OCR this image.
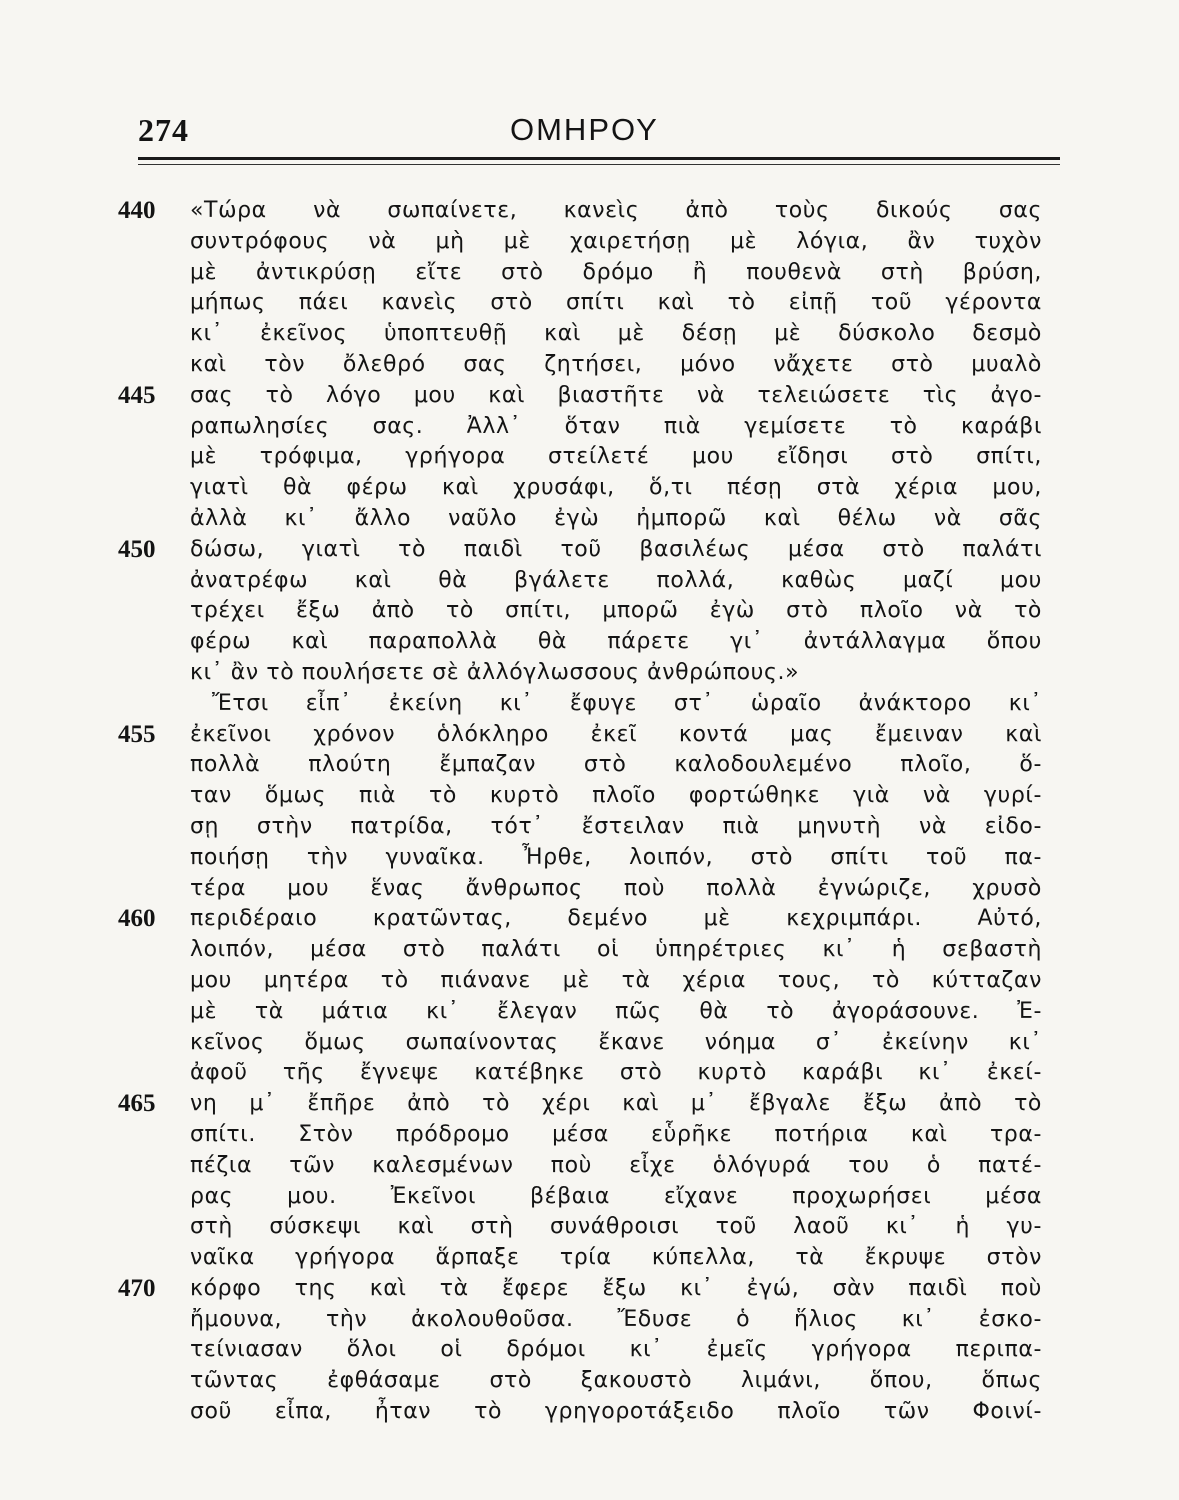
274	ΟΜΗΡΟΥ
440	«Τώρα νὰ σωπαίνετε, κανεὶς ἀπὸ τοὺς δικούς σας
συντρόφους νὰ μὴ μὲ χαιρετήσῃ μὲ λόγια, ἂν τυχὸν
μὲ ἀντικρύσῃ εἴτε στὸ δρόμο ἢ πουθενὰ στὴ βρύση,
μήπως πάει κανεὶς στὸ σπίτι καὶ τὸ εἰπῇ τοῦ γέροντα
κι᾿ ἐκεῖνος ὑποπτευθῇ καὶ μὲ δέσῃ μὲ δύσκολο δεσμὸ
καὶ τὸν ὄλεθρό σας ζητήσει, μόνο νἄχετε στὸ μυαλὸ
445	σας τὸ λόγο μου καὶ βιαστῆτε νὰ τελειώσετε τὶς ἀγο-
ραπωλησίες σας. Ἀλλ᾿ ὅταν πιὰ γεμίσετε τὸ καράβι
μὲ τρόφιμα, γρήγορα στείλετέ μου εἴδησι στὸ σπίτι,
γιατὶ θὰ φέρω καὶ χρυσάφι, ὅ,τι πέσῃ στὰ χέρια μου,
ἀλλὰ κι᾿ ἄλλο ναῦλο ἐγὼ ἠμπορῶ καὶ θέλω νὰ σᾶς
450	δώσω, γιατὶ τὸ παιδὶ τοῦ βασιλέως μέσα στὸ παλάτι
ἀνατρέφω καὶ θὰ βγάλετε πολλά, καθὼς μαζί μου
τρέχει ἔξω ἀπὸ τὸ σπίτι, μπορῶ ἐγὼ στὸ πλοῖο νὰ τὸ
φέρω καὶ παραπολλὰ θὰ πάρετε γι᾿ ἀντάλλαγμα ὅπου
κι᾿ ἂν τὸ πουλήσετε σὲ ἀλλόγλωσσους ἀνθρώπους.»
Ἔτσι εἶπ᾿ ἐκείνη κι᾿ ἔφυγε στ᾿ ὡραῖο ἀνάκτορο κι᾿
455	ἐκεῖνοι χρόνον ὁλόκληρο ἐκεῖ κοντά μας ἔμειναν καὶ
πολλὰ πλούτη ἔμπαζαν στὸ καλοδουλεμένο πλοῖο, ὅ-
ταν ὅμως πιὰ τὸ κυρτὸ πλοῖο φορτώθηκε γιὰ νὰ γυρί-
σῃ στὴν πατρίδα, τότ᾿ ἔστειλαν πιὰ μηνυτὴ νὰ εἰδο-
ποιήσῃ τὴν γυναῖκα. Ἦρθε, λοιπόν, στὸ σπίτι τοῦ πα-
τέρα μου ἕνας ἄνθρωπος ποὺ πολλὰ ἐγνώριζε, χρυσὸ
460	περιδέραιο κρατῶντας, δεμένο μὲ κεχριμπάρι. Αὐτό,
λοιπόν, μέσα στὸ παλάτι οἱ ὑπηρέτριες κι᾿ ἡ σεβαστὴ
μου μητέρα τὸ πιάνανε μὲ τὰ χέρια τους, τὸ κύτταζαν
μὲ τὰ μάτια κι᾿ ἔλεγαν πῶς θὰ τὸ ἀγοράσουνε. Ἐ-
κεῖνος ὅμως σωπαίνοντας ἔκανε νόημα σ᾿ ἐκείνην κι᾿
ἀφοῦ τῆς ἔγνεψε κατέβηκε στὸ κυρτὸ καράβι κι᾿ ἐκεί-
465	νη μ᾿ ἔπῆρε ἀπὸ τὸ χέρι καὶ μ᾿ ἔβγαλε ἔξω ἀπὸ τὸ
σπίτι. Στὸν πρόδρομο μέσα εὗρῆκε ποτήρια καὶ τρα-
πέζια τῶν καλεσμένων ποὺ εἶχε ὁλόγυρά του ὁ πατέ-
ρας μου. Ἐκεῖνοι βέβαια εἴχανε προχωρήσει μέσα
στὴ σύσκεψι καὶ στὴ συνάθροισι τοῦ λαοῦ κι᾿ ἡ γυ-
ναῖκα γρήγορα ἅρπαξε τρία κύπελλα, τὰ ἔκρυψε στὸν
470	κόρφο της καὶ τὰ ἔφερε ἔξω κι᾿ ἐγώ, σὰν παιδὶ ποὺ
ἤμουνα, τὴν ἀκολουθοῦσα. Ἔδυσε ὁ ἥλιος κι᾿ ἐσκο-
τείνιασαν ὅλοι οἱ δρόμοι κι᾿ ἐμεῖς γρήγορα περιπα-
τῶντας ἐφθάσαμε στὸ ξακουστὸ λιμάνι, ὅπου, ὅπως
σοῦ εἶπα, ἦταν τὸ γρηγοροτάξειδο πλοῖο τῶν Φοινί-
